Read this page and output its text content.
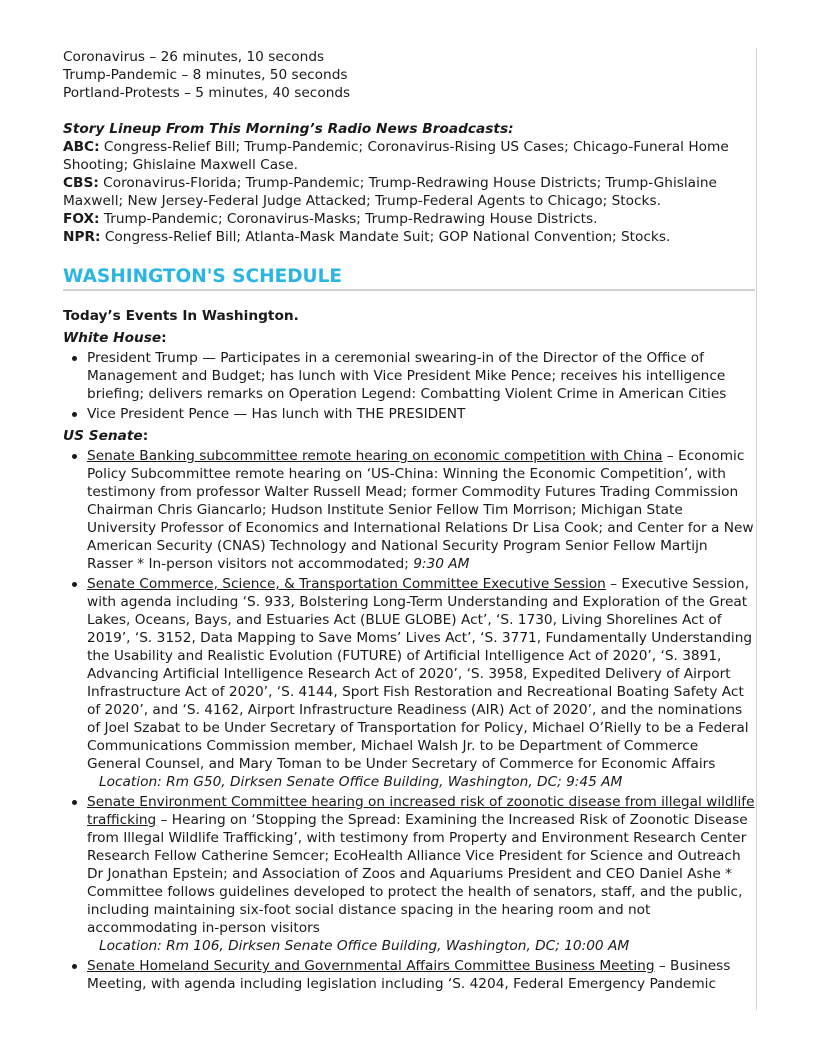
Coronavirus – 26 minutes, 10 seconds
Trump-Pandemic – 8 minutes, 50 seconds
Portland-Protests – 5 minutes, 40 seconds
Story Lineup From This Morning’s Radio News Broadcasts:
ABC: Congress-Relief Bill; Trump-Pandemic; Coronavirus-Rising US Cases; Chicago-Funeral Home Shooting; Ghislaine Maxwell Case.
CBS: Coronavirus-Florida; Trump-Pandemic; Trump-Redrawing House Districts; Trump-Ghislaine Maxwell; New Jersey-Federal Judge Attacked; Trump-Federal Agents to Chicago; Stocks.
FOX: Trump-Pandemic; Coronavirus-Masks; Trump-Redrawing House Districts.
NPR: Congress-Relief Bill; Atlanta-Mask Mandate Suit; GOP National Convention; Stocks.
WASHINGTON'S SCHEDULE
Today’s Events In Washington.
White House:
President Trump — Participates in a ceremonial swearing-in of the Director of the Office of Management and Budget; has lunch with Vice President Mike Pence; receives his intelligence briefing; delivers remarks on Operation Legend: Combatting Violent Crime in American Cities
Vice President Pence — Has lunch with THE PRESIDENT
US Senate:
Senate Banking subcommittee remote hearing on economic competition with China – Economic Policy Subcommittee remote hearing on ‘US-China: Winning the Economic Competition’, with testimony from professor Walter Russell Mead; former Commodity Futures Trading Commission Chairman Chris Giancarlo; Hudson Institute Senior Fellow Tim Morrison; Michigan State University Professor of Economics and International Relations Dr Lisa Cook; and Center for a New American Security (CNAS) Technology and National Security Program Senior Fellow Martijn Rasser * In-person visitors not accommodated; 9:30 AM
Senate Commerce, Science, & Transportation Committee Executive Session – Executive Session, with agenda including ‘S. 933, Bolstering Long-Term Understanding and Exploration of the Great Lakes, Oceans, Bays, and Estuaries Act (BLUE GLOBE) Act’, ‘S. 1730, Living Shorelines Act of 2019’, ‘S. 3152, Data Mapping to Save Moms’ Lives Act’, ‘S. 3771, Fundamentally Understanding the Usability and Realistic Evolution (FUTURE) of Artificial Intelligence Act of 2020’, ‘S. 3891, Advancing Artificial Intelligence Research Act of 2020’, ‘S. 3958, Expedited Delivery of Airport Infrastructure Act of 2020’, ‘S. 4144, Sport Fish Restoration and Recreational Boating Safety Act of 2020’, and ‘S. 4162, Airport Infrastructure Readiness (AIR) Act of 2020’, and the nominations of Joel Szabat to be Under Secretary of Transportation for Policy, Michael O’Rielly to be a Federal Communications Commission member, Michael Walsh Jr. to be Department of Commerce General Counsel, and Mary Toman to be Under Secretary of Commerce for Economic Affairs
Location: Rm G50, Dirksen Senate Office Building, Washington, DC; 9:45 AM
Senate Environment Committee hearing on increased risk of zoonotic disease from illegal wildlife trafficking – Hearing on ‘Stopping the Spread: Examining the Increased Risk of Zoonotic Disease from Illegal Wildlife Trafficking’, with testimony from Property and Environment Research Center Research Fellow Catherine Semcer; EcoHealth Alliance Vice President for Science and Outreach Dr Jonathan Epstein; and Association of Zoos and Aquariums President and CEO Daniel Ashe * Committee follows guidelines developed to protect the health of senators, staff, and the public, including maintaining six-foot social distance spacing in the hearing room and not accommodating in-person visitors
Location: Rm 106, Dirksen Senate Office Building, Washington, DC; 10:00 AM
Senate Homeland Security and Governmental Affairs Committee Business Meeting – Business Meeting, with agenda including legislation including ‘S. 4204, Federal Emergency Pandemic
